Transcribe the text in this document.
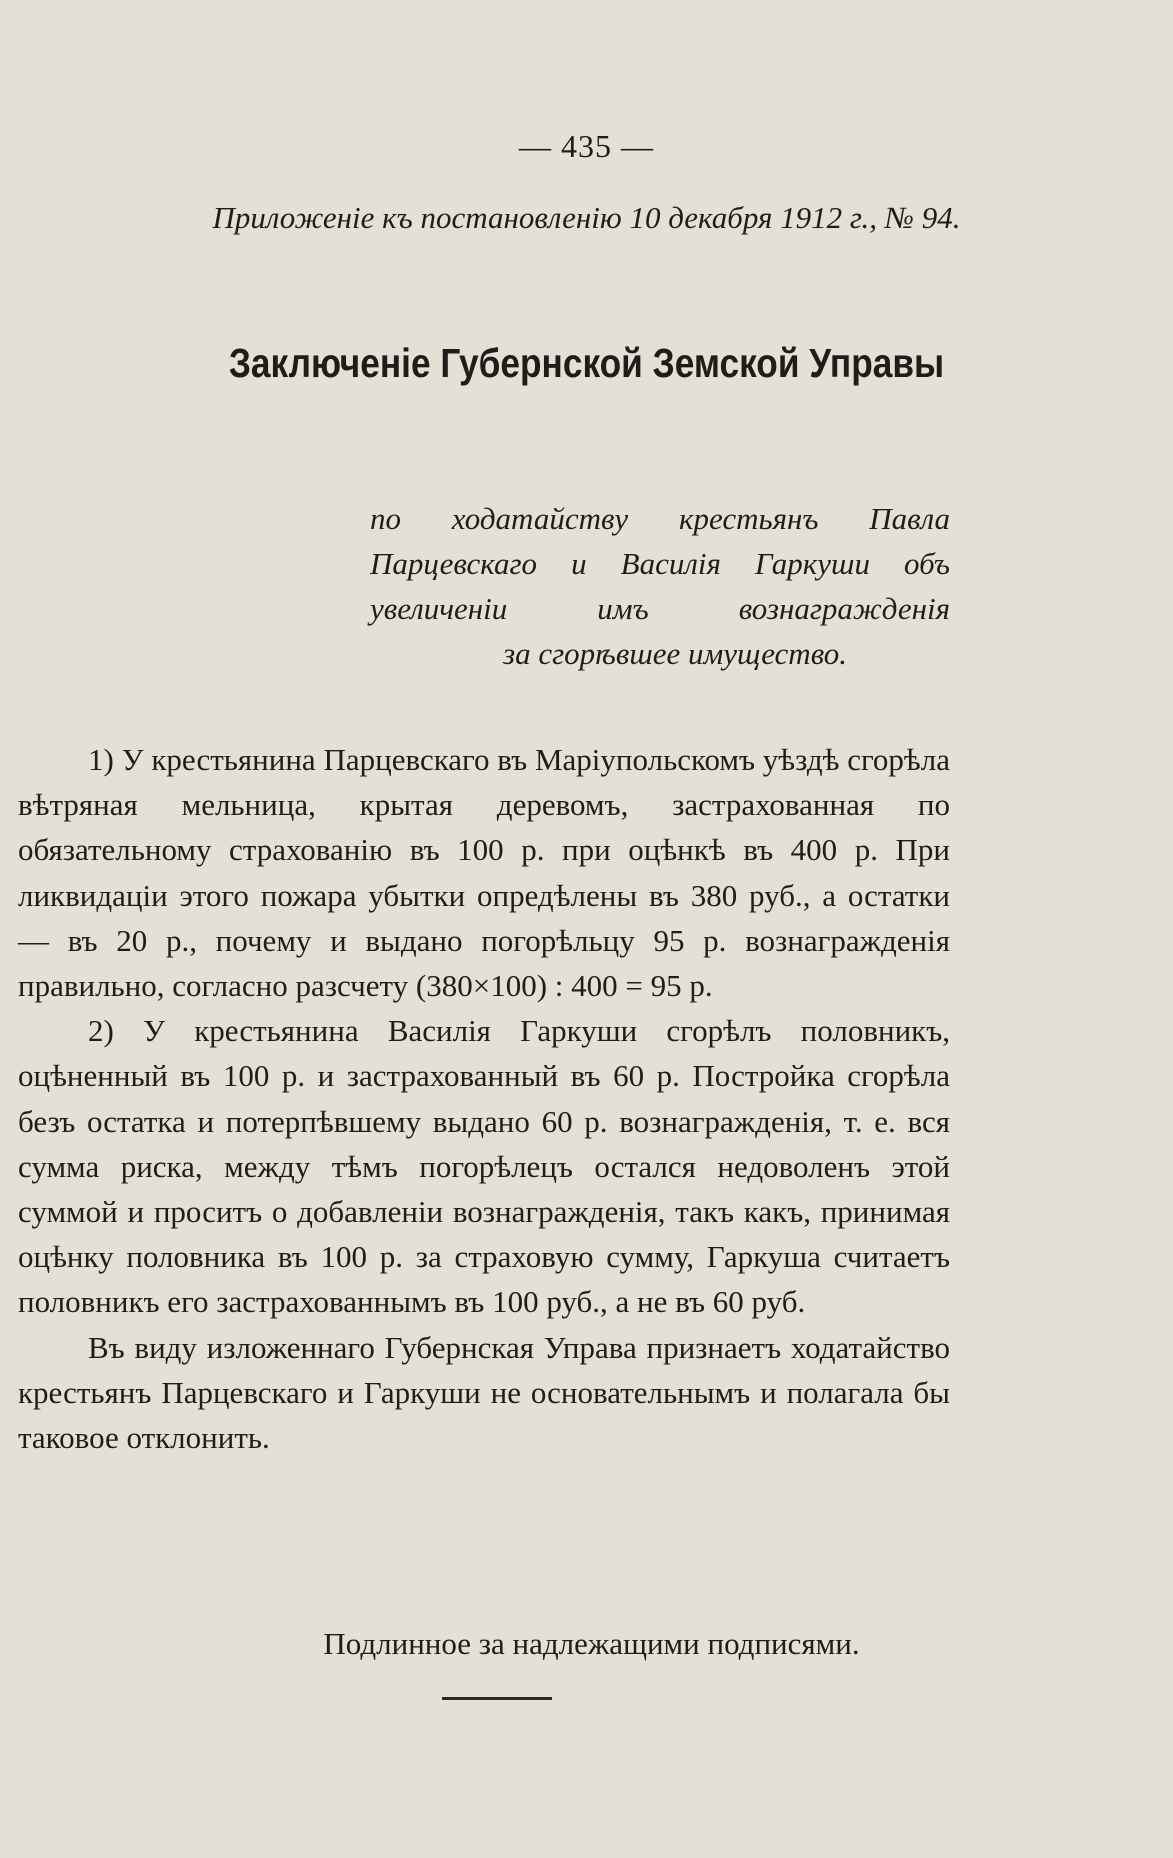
— 435 —
Приложеніе къ постановленію 10 декабря 1912 г., № 94.
Заключеніе Губернской Земской Управы
по ходатайству крестьянъ Павла Парцевскаго и Василія Гаркуши объ увеличеніи имъ вознагражденія
за сгорѣвшее имущество.

1) У крестьянина Парцевскаго въ Маріупольскомъ уѣздѣ сгорѣла вѣтряная мельница, крытая деревомъ, застрахованная по обязательному страхованію въ 100 р. при оцѣнкѣ въ 400 р. При ликвидаціи этого пожара убытки опредѣлены въ 380 руб., а остатки — въ 20 р., почему и выдано погорѣльцу 95 р. вознагражденія правильно, согласно разсчету (380×100) : 400 = 95 р.

2) У крестьянина Василія Гаркуши сгорѣлъ половникъ, оцѣненный въ 100 р. и застрахованный въ 60 р. Постройка сгорѣла безъ остатка и потерпѣвшему выдано 60 р. вознагражденія, т. е. вся сумма риска, между тѣмъ погорѣлецъ остался недоволенъ этой суммой и проситъ о добавленіи вознагражденія, такъ какъ, принимая оцѣнку половника въ 100 р. за страховую сумму, Гаркуша считаетъ половникъ его застрахованнымъ въ 100 руб., а не въ 60 руб.

Въ виду изложеннаго Губернская Управа признаетъ ходатайство крестьянъ Парцевскаго и Гаркуши не основательнымъ и полагала бы таковое отклонить.

Подлинное за надлежащими подписями.
